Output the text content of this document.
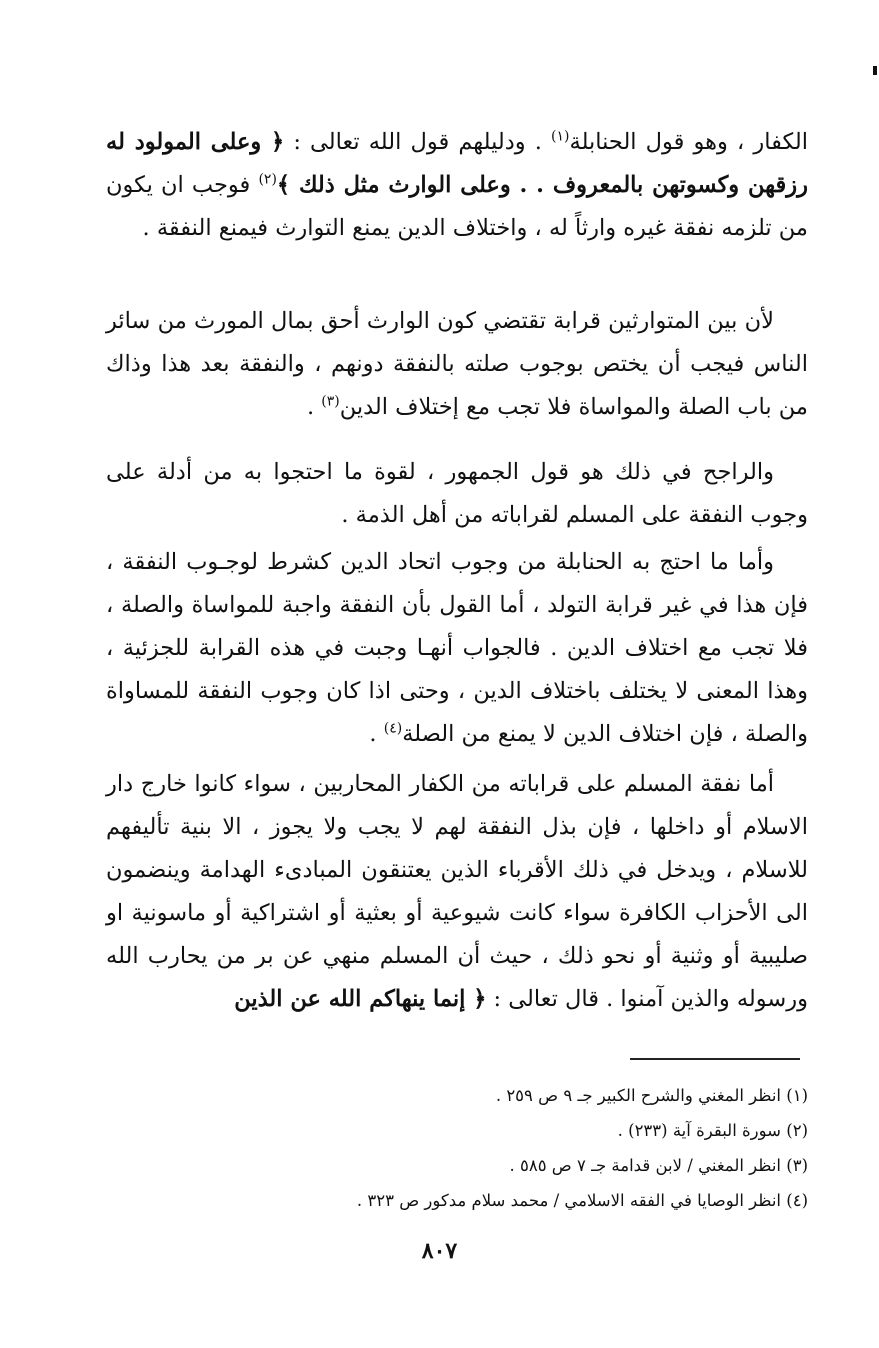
الكفار ، وهو قول الحنابلة$^{(١)}$ . ودليلهم قول الله تعالى : ﴿ وعلى المولود له رزقهن وكسوتهن بالمعروف . . وعلى الوارث مثل ذلك ﴾$^{(٢)}$ فوجب ان يكون من تلزمه نفقة غيره وارثاً له ، واختلاف الدين يمنع التوارث فيمنع النفقة .

لأن بين المتوارثين قرابة تقتضي كون الوارث أحق بمال المورث من سائر الناس فيجب أن يختص بوجوب صلته بالنفقة دونهم ، والنفقة بعد هذا وذاك من باب الصلة والمواساة فلا تجب مع إختلاف الدين$^{(٣)}$ .

والراجح في ذلك هو قول الجمهور ، لقوة ما احتجوا به من أدلة على وجوب النفقة على المسلم لقراباته من أهل الذمة .

وأما ما احتج به الحنابلة من وجوب اتحاد الدين كشرط لوجـوب النفقة ، فإن هذا في غير قرابة التولد ، أما القول بأن النفقة واجبة للمواساة والصلة ، فلا تجب مع اختلاف الدين . فالجواب أنهـا وجبت في هذه القرابة للجزئية ، وهذا المعنى لا يختلف باختلاف الدين ، وحتى اذا كان وجوب النفقة للمساواة والصلة ، فإن اختلاف الدين لا يمنع من الصلة$^{(٤)}$ .

أما نفقة المسلم على قراباته من الكفار المحاربين ، سواء كانوا خارج دار الاسلام أو داخلها ، فإن بذل النفقة لهم لا يجب ولا يجوز ، الا بنية تأليفهم للاسلام ، ويدخل في ذلك الأقرباء الذين يعتنقون المبادىء الهدامة وينضمون الى الأحزاب الكافرة سواء كانت شيوعية أو بعثية أو اشتراكية أو ماسونية او صليبية أو وثنية أو نحو ذلك ، حيث أن المسلم منهي عن بر من يحارب الله ورسوله والذين آمنوا . قال تعالى : ﴿ إنما ينهاكم الله عن الذين

(١) انظر المغني والشرح الكبير جـ ٩ ص ٢٥٩ .
(٢) سورة البقرة آية (٢٣٣) .
(٣) انظر المغني / لابن قدامة جـ ٧ ص ٥٨٥ .
(٤) انظر الوصايا في الفقه الاسلامي / محمد سلام مدكور ص ٣٢٣ .
٨٠٧
